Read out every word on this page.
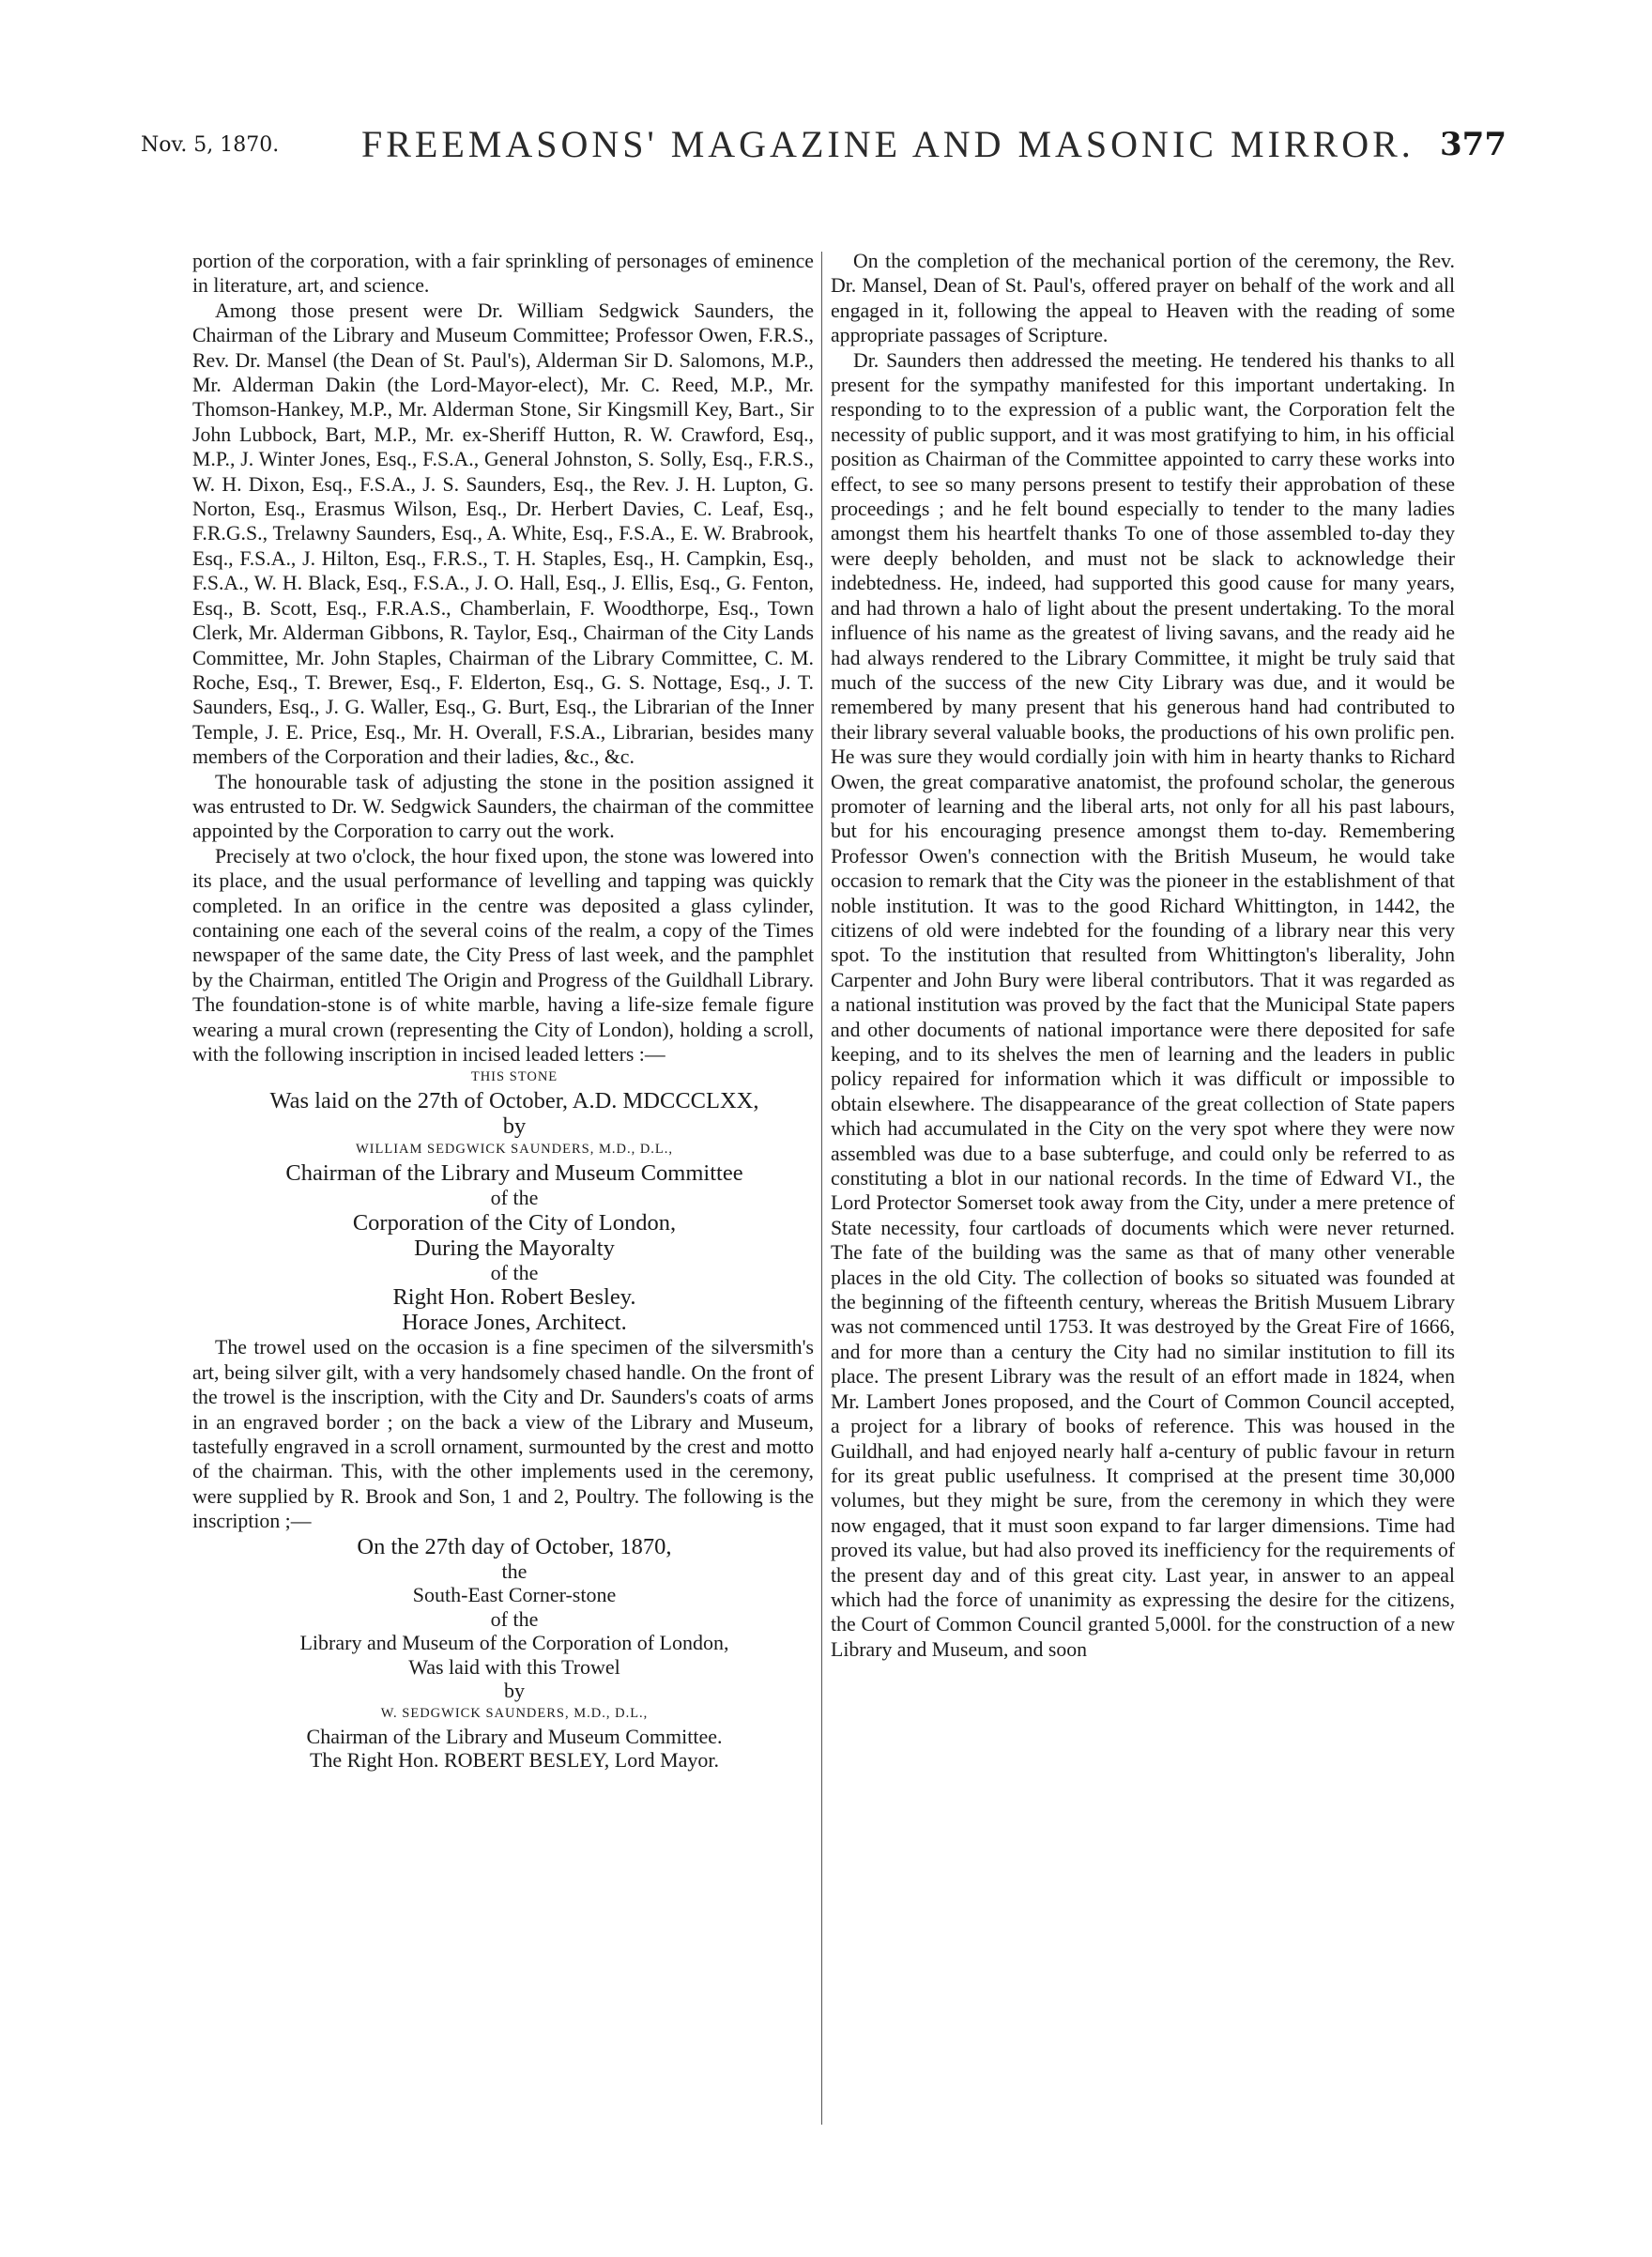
Nov. 5, 1870. FREEMASONS' MAGAZINE AND MASONIC MIRROR. 377

portion of the corporation, with a fair sprinkling of personages of eminence in literature, art, and science.

Among those present were Dr. William Sedgwick Saunders, the Chairman of the Library and Museum Committee; Professor Owen, F.R.S., Rev. Dr. Mansel (the Dean of St. Paul's), Alderman Sir D. Salomons, M.P., Mr. Alderman Dakin (the Lord-Mayor-elect), Mr. C. Reed, M.P., Mr. Thomson-Hankey, M.P., Mr. Alderman Stone, Sir Kingsmill Key, Bart., Sir John Lubbock, Bart, M.P., Mr. ex-Sheriff Hutton, R. W. Crawford, Esq., M.P., J. Winter Jones, Esq., F.S.A., General Johnston, S. Solly, Esq., F.R.S., W. H. Dixon, Esq., F.S.A., J. S. Saunders, Esq., the Rev. J. H. Lupton, G. Norton, Esq., Erasmus Wilson, Esq., Dr. Herbert Davies, C. Leaf, Esq., F.R.G.S., Trelawny Saunders, Esq., A. White, Esq., F.S.A., E. W. Brabrook, Esq., F.S.A., J. Hilton, Esq., F.R.S., T. H. Staples, Esq., H. Campkin, Esq., F.S.A., W. H. Black, Esq., F.S.A., J. O. Hall, Esq., J. Ellis, Esq., G. Fenton, Esq., B. Scott, Esq., F.R.A.S., Chamberlain, F. Woodthorpe, Esq., Town Clerk, Mr. Alderman Gibbons, R. Taylor, Esq., Chairman of the City Lands Committee, Mr. John Staples, Chairman of the Library Committee, C. M. Roche, Esq., T. Brewer, Esq., F. Elderton, Esq., G. S. Nottage, Esq., J. T. Saunders, Esq., J. G. Waller, Esq., G. Burt, Esq., the Librarian of the Inner Temple, J. E. Price, Esq., Mr. H. Overall, F.S.A., Librarian, besides many members of the Corporation and their ladies, &c., &c.

The honourable task of adjusting the stone in the position assigned it was entrusted to Dr. W. Sedgwick Saunders, the chairman of the committee appointed by the Corporation to carry out the work.

Precisely at two o'clock, the hour fixed upon, the stone was lowered into its place, and the usual performance of levelling and tapping was quickly completed. In an orifice in the centre was deposited a glass cylinder, containing one each of the several coins of the realm, a copy of the Times newspaper of the same date, the City Press of last week, and the pamphlet by the Chairman, entitled The Origin and Progress of the Guildhall Library. The foundation-stone is of white marble, having a life-size female figure wearing a mural crown (representing the City of London), holding a scroll, with the following inscription in incised leaded letters :—

THIS STONE

Was laid on the 27th of October, A.D. MDCCCLXX,

by

WILLIAM SEDGWICK SAUNDERS, M.D., D.L.,

Chairman of the Library and Museum Committee

of the

Corporation of the City of London,

During the Mayoralty

of the

Right Hon. Robert Besley.

Horace Jones, Architect.

The trowel used on the occasion is a fine specimen of the silversmith's art, being silver gilt, with a very handsomely chased handle. On the front of the trowel is the inscription, with the City and Dr. Saunders's coats of arms in an engraved border ; on the back a view of the Library and Museum, tastefully engraved in a scroll ornament, surmounted by the crest and motto of the chairman. This, with the other implements used in the ceremony, were supplied by R. Brook and Son, 1 and 2, Poultry. The following is the inscription ;—

On the 27th day of October, 1870,

the

South-East Corner-stone

of the

Library and Museum of the Corporation of London,

Was laid with this Trowel

by

W. SEDGWICK SAUNDERS, M.D., D.L.,

Chairman of the Library and Museum Committee.

The Right Hon. ROBERT BESLEY, Lord Mayor.

On the completion of the mechanical portion of the ceremony, the Rev. Dr. Mansel, Dean of St. Paul's, offered prayer on behalf of the work and all engaged in it, following the appeal to Heaven with the reading of some appropriate passages of Scripture.

Dr. Saunders then addressed the meeting. He tendered his thanks to all present for the sympathy manifested for this important undertaking. In responding to to the expression of a public want, the Corporation felt the necessity of public support, and it was most gratifying to him, in his official position as Chairman of the Committee appointed to carry these works into effect, to see so many persons present to testify their approbation of these proceedings ; and he felt bound especially to tender to the many ladies amongst them his heartfelt thanks To one of those assembled to-day they were deeply beholden, and must not be slack to acknowledge their indebtedness. He, indeed, had supported this good cause for many years, and had thrown a halo of light about the present undertaking. To the moral influence of his name as the greatest of living savans, and the ready aid he had always rendered to the Library Committee, it might be truly said that much of the success of the new City Library was due, and it would be remembered by many present that his generous hand had contributed to their library several valuable books, the productions of his own prolific pen. He was sure they would cordially join with him in hearty thanks to Richard Owen, the great comparative anatomist, the profound scholar, the generous promoter of learning and the liberal arts, not only for all his past labours, but for his encouraging presence amongst them to-day. Remembering Professor Owen's connection with the British Museum, he would take occasion to remark that the City was the pioneer in the establishment of that noble institution. It was to the good Richard Whittington, in 1442, the citizens of old were indebted for the founding of a library near this very spot. To the institution that resulted from Whittington's liberality, John Carpenter and John Bury were liberal contributors. That it was regarded as a national institution was proved by the fact that the Municipal State papers and other documents of national importance were there deposited for safe keeping, and to its shelves the men of learning and the leaders in public policy repaired for information which it was difficult or impossible to obtain elsewhere. The disappearance of the great collection of State papers which had accumulated in the City on the very spot where they were now assembled was due to a base subterfuge, and could only be referred to as constituting a blot in our national records. In the time of Edward VI., the Lord Protector Somerset took away from the City, under a mere pretence of State necessity, four cartloads of documents which were never returned. The fate of the building was the same as that of many other venerable places in the old City. The collection of books so situated was founded at the beginning of the fifteenth century, whereas the British Musuem Library was not commenced until 1753. It was destroyed by the Great Fire of 1666, and for more than a century the City had no similar institution to fill its place. The present Library was the result of an effort made in 1824, when Mr. Lambert Jones proposed, and the Court of Common Council accepted, a project for a library of books of reference. This was housed in the Guildhall, and had enjoyed nearly half a-century of public favour in return for its great public usefulness. It comprised at the present time 30,000 volumes, but they might be sure, from the ceremony in which they were now engaged, that it must soon expand to far larger dimensions. Time had proved its value, but had also proved its inefficiency for the requirements of the present day and of this great city. Last year, in answer to an appeal which had the force of unanimity as expressing the desire for the citizens, the Court of Common Council granted 5,000l. for the construction of a new Library and Museum, and soon
